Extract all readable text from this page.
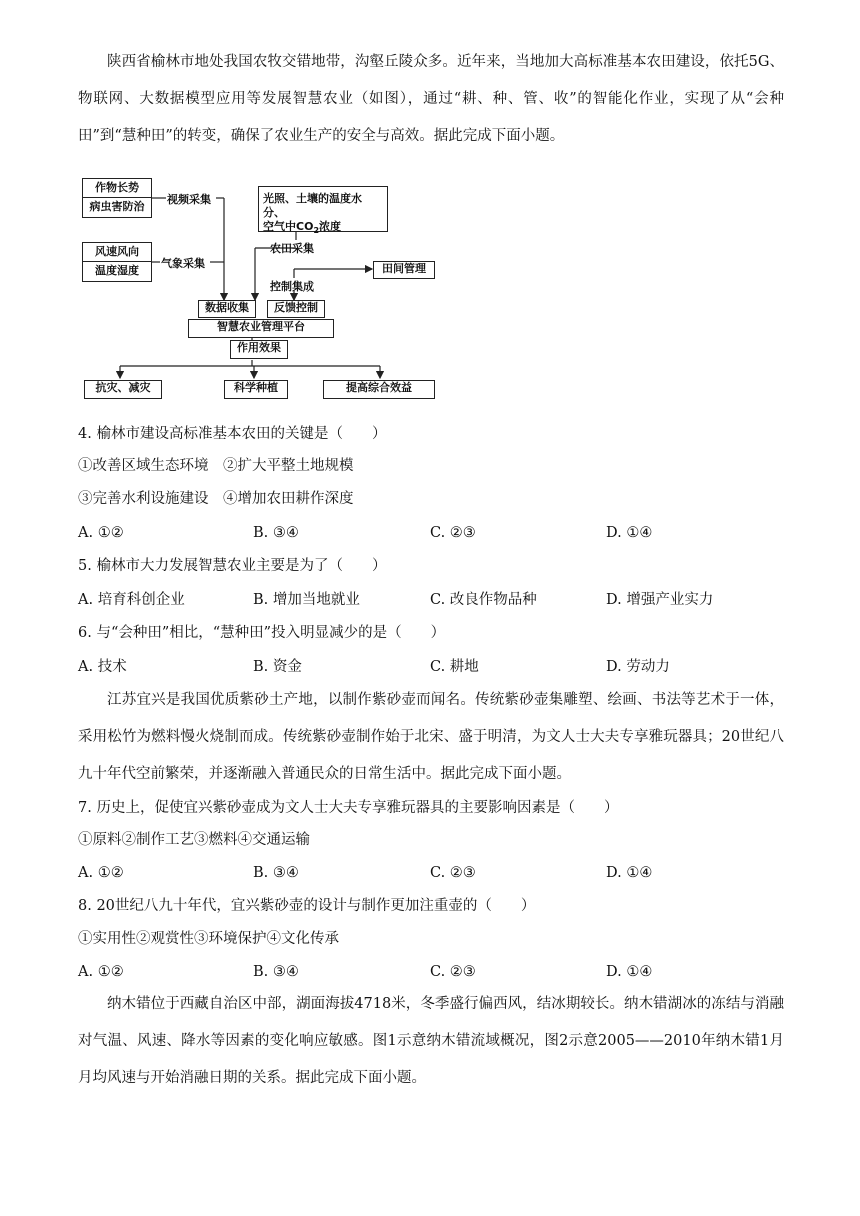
陕西省榆林市地处我国农牧交错地带，沟壑丘陵众多。近年来，当地加大高标准基本农田建设，依托5G、物联网、大数据模型应用等发展智慧农业（如图），通过“耕、种、管、收”的智能化作业，实现了从“会种田”到“慧种田”的转变，确保了农业生产的安全与高效。据此完成下面小题。

作物长势
病虫害防治
视频采集	光照、土壤的温度水分、
空气中$CO_2$浓度
农田采集
风速风向
温度湿度
气象采集	田间管理
控制集成
数据收集	反馈控制
智慧农业管理平台
作用效果
抗灾、减灾	科学种植	提高综合效益

4. 榆林市建设高标准基本农田的关键是（　　）

①改善区域生态环境　②扩大平整土地规模

③完善水利设施建设　④增加农田耕作深度

A. ①②	B. ③④	C. ②③	D. ①④

5. 榆林市大力发展智慧农业主要是为了（　　）

A. 培育科创企业	B. 增加当地就业	C. 改良作物品种	D. 增强产业实力

6. 与“会种田”相比，“慧种田”投入明显减少的是（　　）

A. 技术	B. 资金	C. 耕地	D. 劳动力

江苏宜兴是我国优质紫砂土产地，以制作紫砂壶而闻名。传统紫砂壶集雕塑、绘画、书法等艺术于一体，采用松竹为燃料慢火烧制而成。传统紫砂壶制作始于北宋、盛于明清，为文人士大夫专享雅玩器具；20世纪八九十年代空前繁荣，并逐渐融入普通民众的日常生活中。据此完成下面小题。

7. 历史上，促使宜兴紫砂壶成为文人士大夫专享雅玩器具的主要影响因素是（　　）

①原料②制作工艺③燃料④交通运输

A. ①②	B. ③④	C. ②③	D. ①④

8. 20世纪八九十年代，宜兴紫砂壶的设计与制作更加注重壶的（　　）

①实用性②观赏性③环境保护④文化传承

A. ①②	B. ③④	C. ②③	D. ①④

纳木错位于西藏自治区中部，湖面海拔4718米，冬季盛行偏西风，结冰期较长。纳木错湖冰的冻结与消融对气温、风速、降水等因素的变化响应敏感。图1示意纳木错流域概况，图2示意2005——2010年纳木错1月月均风速与开始消融日期的关系。据此完成下面小题。
